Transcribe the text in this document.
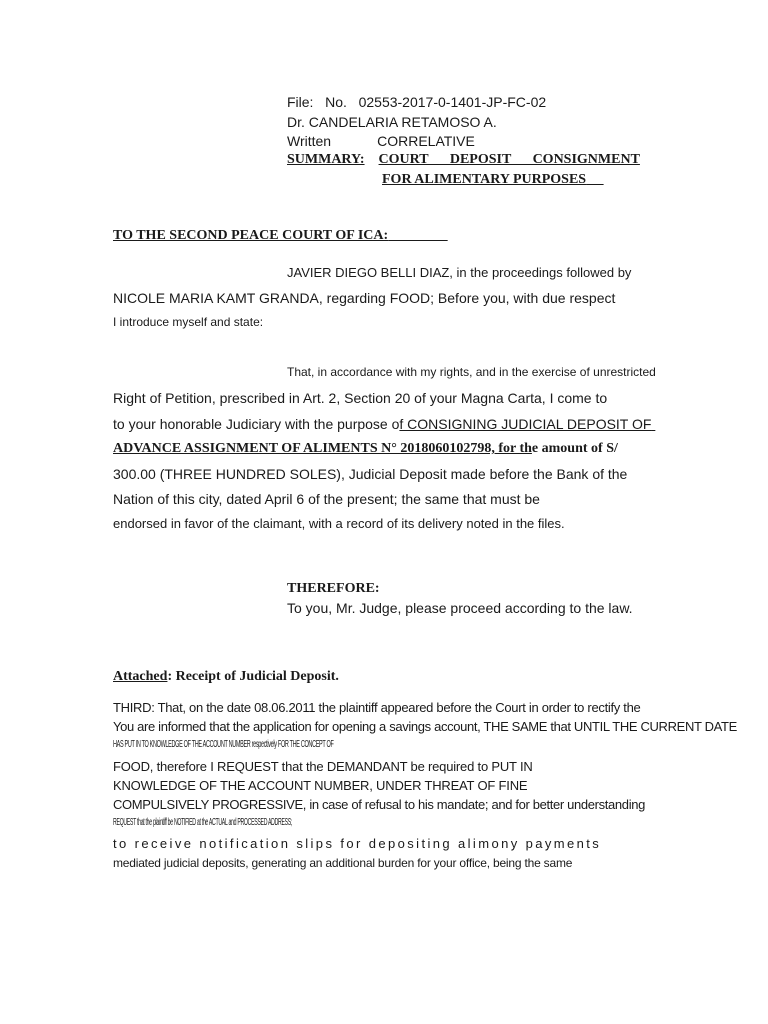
File: No. 02553-2017-0-1401-JP-FC-02
Dr. CANDELARIA RETAMOSO A.
Written	CORRELATIVE
SUMMARY: COURT DEPOSIT CONSIGNMENT
FOR ALIMENTARY PURPOSES
TO THE SECOND PEACE COURT OF ICA:
JAVIER DIEGO BELLI DIAZ, in the proceedings followed by
NICOLE MARIA KAMT GRANDA, regarding FOOD; Before you, with due respect
I introduce myself and state:
That, in accordance with my rights, and in the exercise of unrestricted
Right of Petition, prescribed in Art. 2, Section 20 of your Magna Carta, I come to
to your honorable Judiciary with the purpose of CONSIGNING JUDICIAL DEPOSIT OF
ADVANCE ASSIGNMENT OF ALIMENTS N° 2018060102798, for the amount of S/
300.00 (THREE HUNDRED SOLES), Judicial Deposit made before the Bank of the
Nation of this city, dated April 6 of the present; the same that must be
endorsed in favor of the claimant, with a record of its delivery noted in the files.
THEREFORE:
To you, Mr. Judge, please proceed according to the law.
Attached: Receipt of Judicial Deposit.
THIRD: That, on the date 08.06.2011 the plaintiff appeared before the Court in order to rectify the
You are informed that the application for opening a savings account, THE SAME that UNTIL THE CURRENT DATE
HAS PUT IN TO KNOWLEDGE OF THE ACCOUNT NUMBER respectively FOR THE CONCEPT OF
FOOD, therefore I REQUEST that the DEMANDANT be required to PUT IN
KNOWLEDGE OF THE ACCOUNT NUMBER, UNDER THREAT OF FINE
COMPULSIVELY PROGRESSIVE, in case of refusal to his mandate; and for better understanding
REQUEST that the plaintiff be NOTIFIED at the ACTUAL and PROCESSED ADDRESS;
to receive notification slips for depositing alimony payments
mediated judicial deposits, generating an additional burden for your office, being the same
